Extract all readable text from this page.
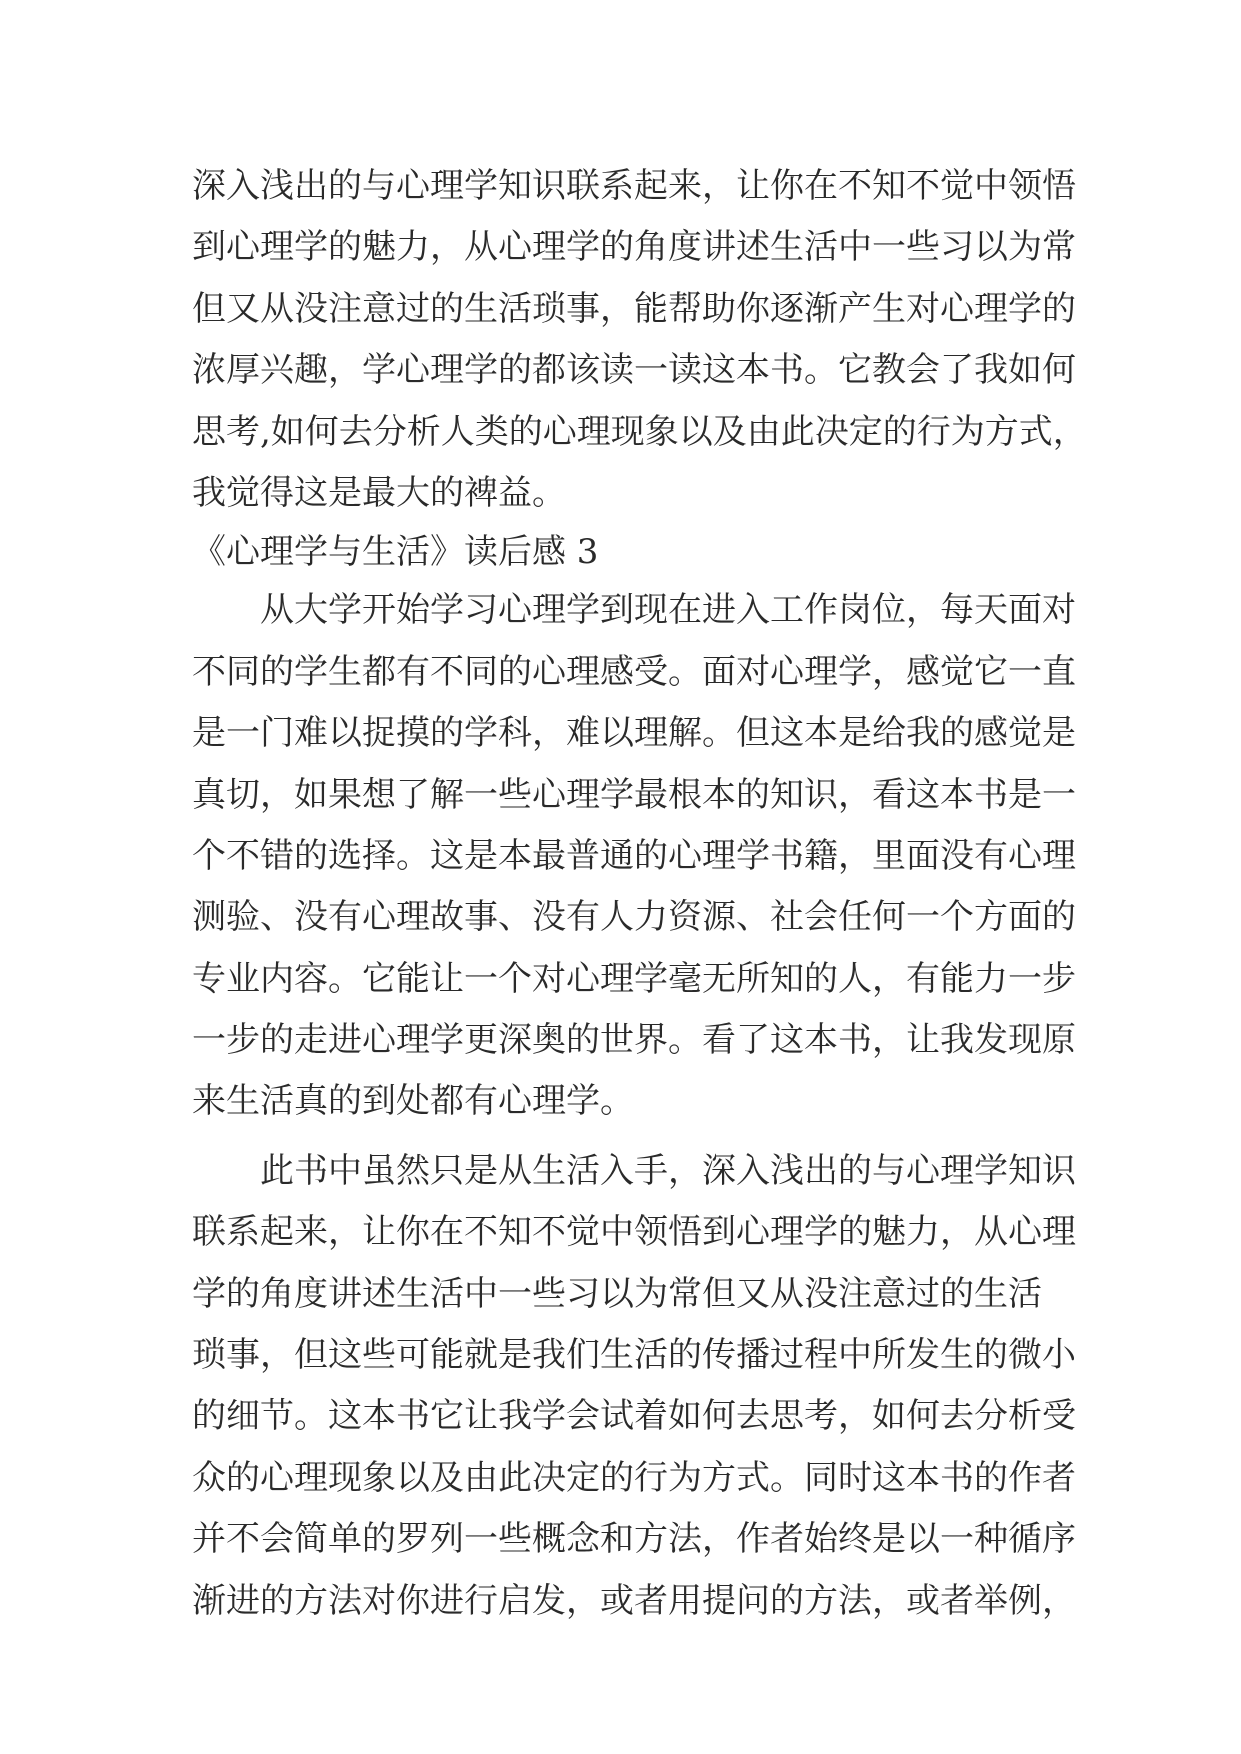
深入浅出的与心理学知识联系起来，让你在不知不觉中领悟
到心理学的魅力，从心理学的角度讲述生活中一些习以为常
但又从没注意过的生活琐事，能帮助你逐渐产生对心理学的
浓厚兴趣，学心理学的都该读一读这本书。它教会了我如何
思考,如何去分析人类的心理现象以及由此决定的行为方式，
我觉得这是最大的裨益。
《心理学与生活》读后感 3
从大学开始学习心理学到现在进入工作岗位，每天面对
不同的学生都有不同的心理感受。面对心理学，感觉它一直
是一门难以捉摸的学科，难以理解。但这本是给我的感觉是
真切，如果想了解一些心理学最根本的知识，看这本书是一
个不错的选择。这是本最普通的心理学书籍，里面没有心理
测验、没有心理故事、没有人力资源、社会任何一个方面的
专业内容。它能让一个对心理学毫无所知的人，有能力一步
一步的走进心理学更深奥的世界。看了这本书，让我发现原
来生活真的到处都有心理学。
此书中虽然只是从生活入手，深入浅出的与心理学知识
联系起来，让你在不知不觉中领悟到心理学的魅力，从心理
学的角度讲述生活中一些习以为常但又从没注意过的生活
琐事，但这些可能就是我们生活的传播过程中所发生的微小
的细节。这本书它让我学会试着如何去思考，如何去分析受
众的心理现象以及由此决定的行为方式。同时这本书的作者
并不会简单的罗列一些概念和方法，作者始终是以一种循序
渐进的方法对你进行启发，或者用提问的方法，或者举例，
